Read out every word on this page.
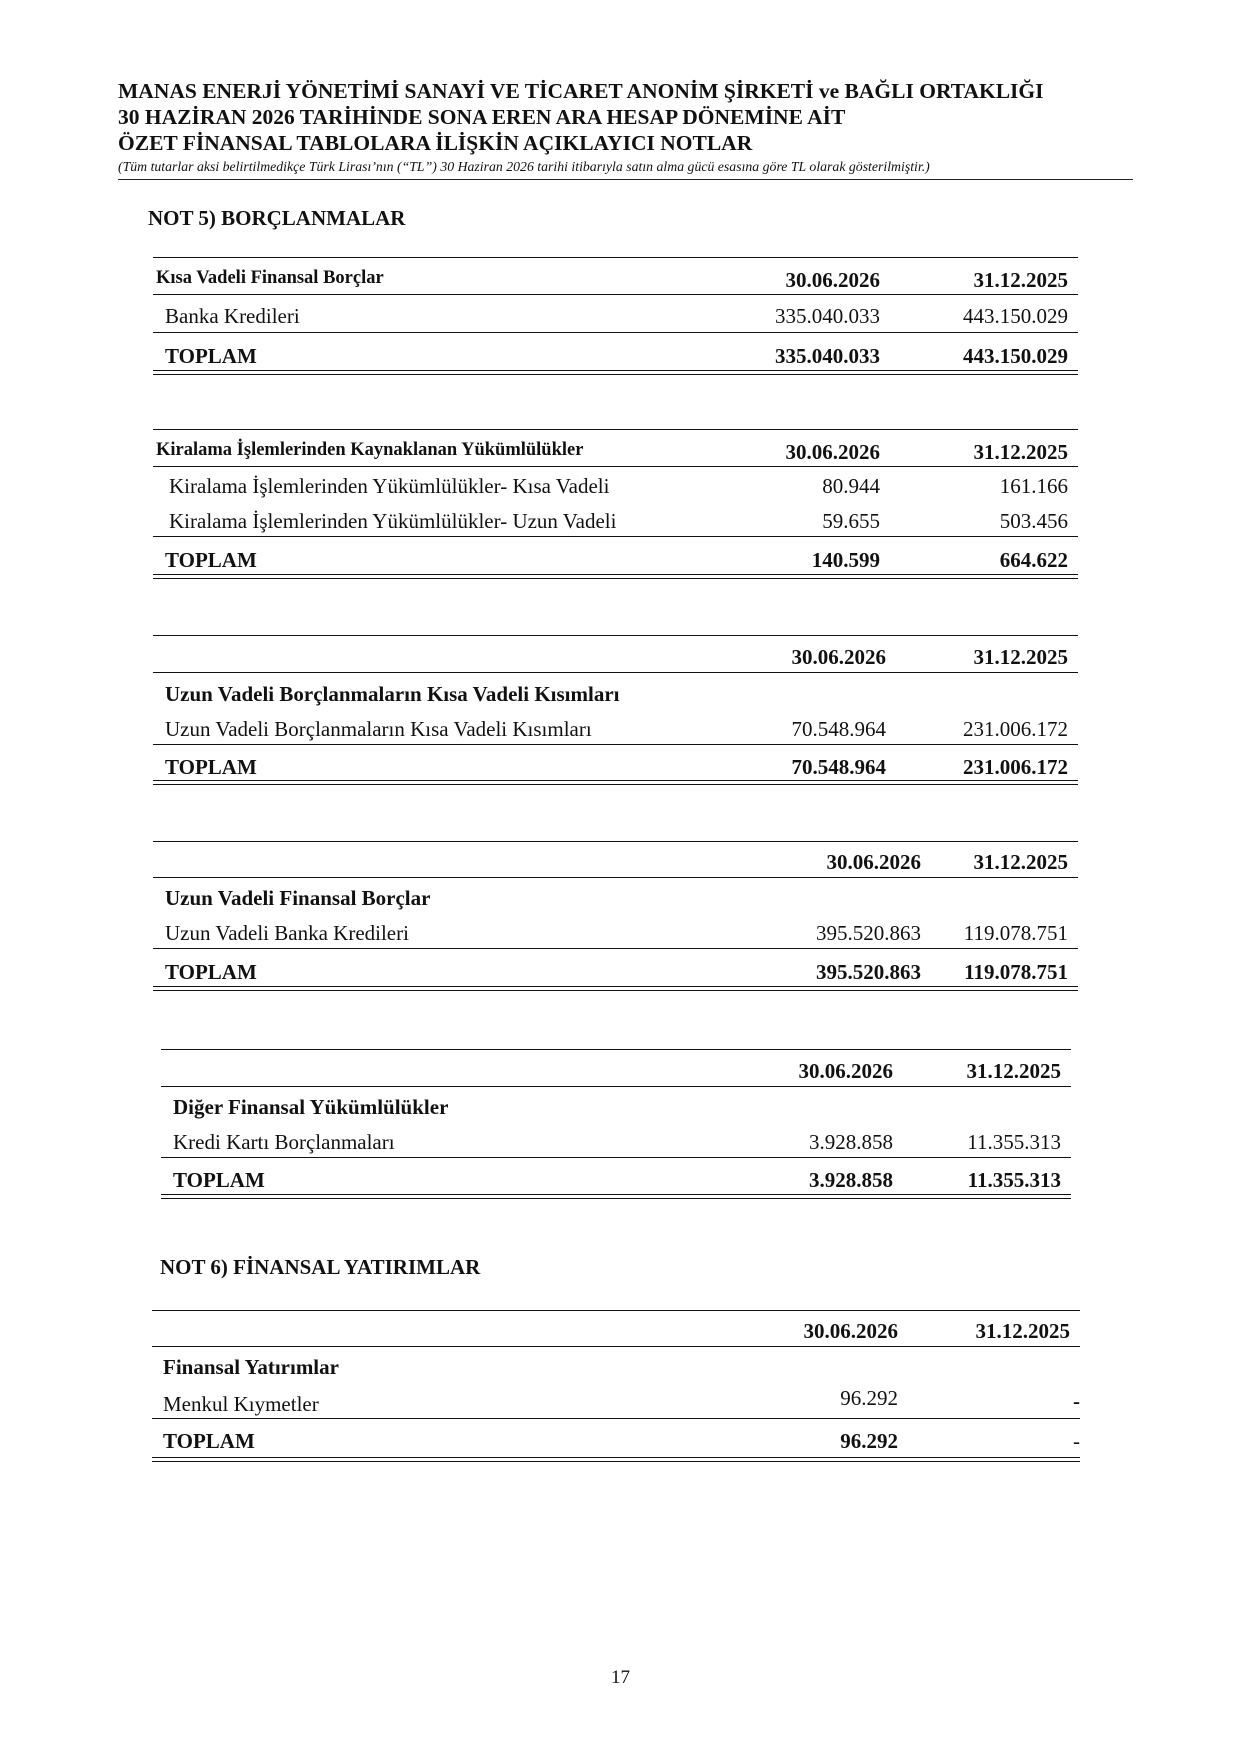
MANAS ENERJİ YÖNETİMİ SANAYİ VE TİCARET ANONİM ŞİRKETİ ve BAĞLI ORTAKLIĞI
30 HAZİRAN 2026 TARİHİNDE SONA EREN ARA HESAP DÖNEMİNE AİT
ÖZET FİNANSAL TABLOLARA İLİŞKİN AÇIKLAYICI NOTLAR
(Tüm tutarlar aksi belirtilmedikçe Türk Lirası’nın (“TL”) 30 Haziran 2026 tarihi itibarıyla satın alma gücü esasına göre TL olarak gösterilmiştir.)
NOT 5) BORÇLANMALAR
Kısa Vadeli Finansal Borçlar	30.06.2026	31.12.2025
Banka Kredileri	335.040.033	443.150.029
TOPLAM	335.040.033	443.150.029
Kiralama İşlemlerinden Kaynaklanan Yükümlülükler	30.06.2026	31.12.2025
Kiralama İşlemlerinden Yükümlülükler- Kısa Vadeli	80.944	161.166
Kiralama İşlemlerinden Yükümlülükler- Uzun Vadeli	59.655	503.456
TOPLAM	140.599	664.622
30.06.2026	31.12.2025
Uzun Vadeli Borçlanmaların Kısa Vadeli Kısımları
Uzun Vadeli Borçlanmaların Kısa Vadeli Kısımları	70.548.964	231.006.172
TOPLAM	70.548.964	231.006.172
30.06.2026	31.12.2025
Uzun Vadeli Finansal Borçlar
Uzun Vadeli Banka Kredileri	395.520.863 119.078.751
TOPLAM	395.520.863 119.078.751
30.06.2026	31.12.2025
Diğer Finansal Yükümlülükler
Kredi Kartı Borçlanmaları	3.928.858	11.355.313
TOPLAM	3.928.858	11.355.313
NOT 6) FİNANSAL YATIRIMLAR
30.06.2026	31.12.2025
Finansal Yatırımlar
Menkul Kıymetler	96.292	-
TOPLAM	96.292	-
17
